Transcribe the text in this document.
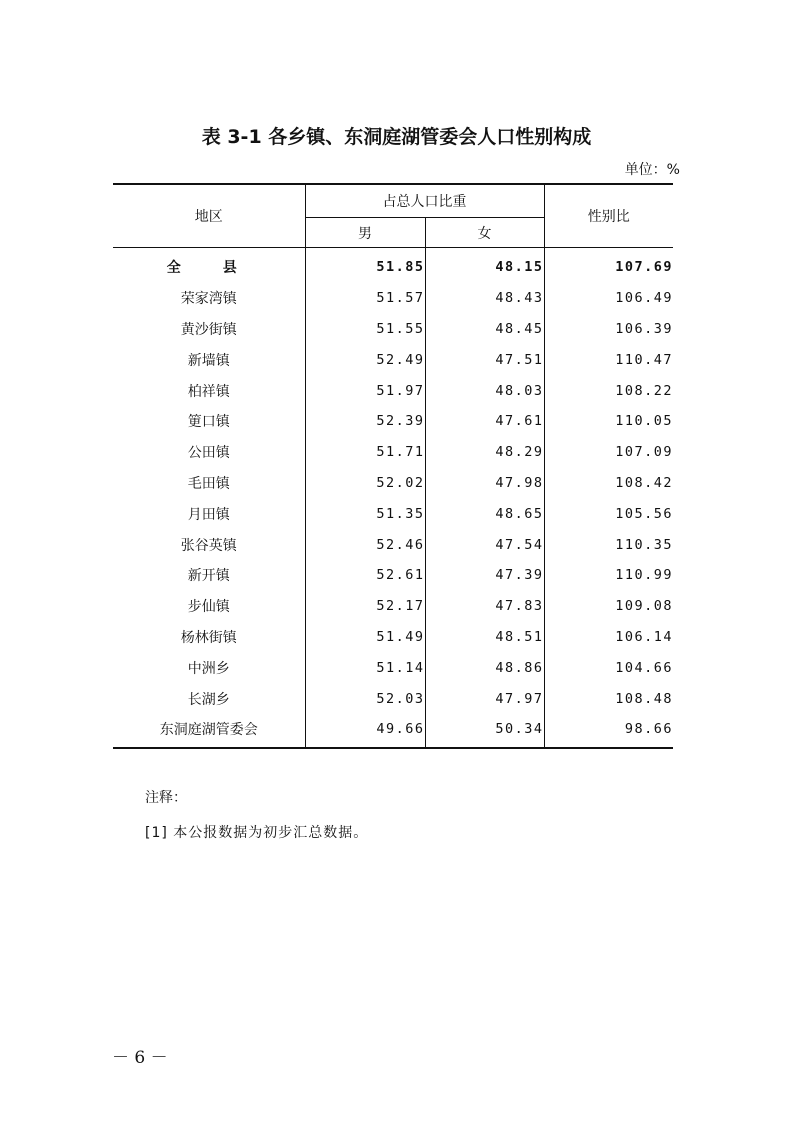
表 3-1 各乡镇、东洞庭湖管委会人口性别构成
单位：%
地区	占总人口比重		性别比
	男	女	
全　县	51.85	48.15	107.69
荣家湾镇	51.57	48.43	106.49
黄沙街镇	51.55	48.45	106.39
新墙镇	52.49	47.51	110.47
柏祥镇	51.97	48.03	108.22
筻口镇	52.39	47.61	110.05
公田镇	51.71	48.29	107.09
毛田镇	52.02	47.98	108.42
月田镇	51.35	48.65	105.56
张谷英镇	52.46	47.54	110.35
新开镇	52.61	47.39	110.99
步仙镇	52.17	47.83	109.08
杨林街镇	51.49	48.51	106.14
中洲乡	51.14	48.86	104.66
长湖乡	52.03	47.97	108.48
东洞庭湖管委会	49.66	50.34	98.66
注释：
[1] 本公报数据为初步汇总数据。
－ 6 －
